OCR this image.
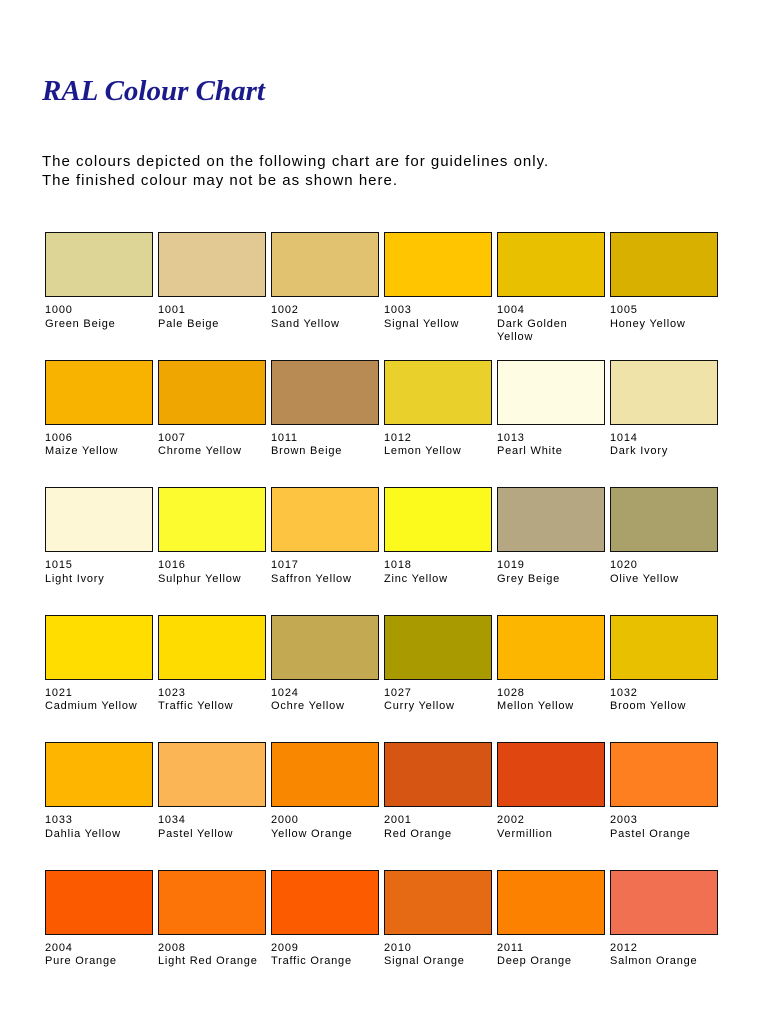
RAL Colour Chart
The colours depicted on the following chart are for guidelines only.
The finished colour may not be as shown here.
1000
Green Beige
1001
Pale Beige
1002
Sand Yellow
1003
Signal Yellow
1004
Dark Golden Yellow
1005
Honey Yellow
1006
Maize Yellow
1007
Chrome Yellow
1011
Brown Beige
1012
Lemon Yellow
1013
Pearl White
1014
Dark Ivory
1015
Light Ivory
1016
Sulphur Yellow
1017
Saffron Yellow
1018
Zinc Yellow
1019
Grey Beige
1020
Olive Yellow
1021
Cadmium Yellow
1023
Traffic Yellow
1024
Ochre Yellow
1027
Curry Yellow
1028
Mellon Yellow
1032
Broom Yellow
1033
Dahlia Yellow
1034
Pastel Yellow
2000
Yellow Orange
2001
Red Orange
2002
Vermillion
2003
Pastel Orange
2004
Pure Orange
2008
Light Red Orange
2009
Traffic Orange
2010
Signal Orange
2011
Deep Orange
2012
Salmon Orange
